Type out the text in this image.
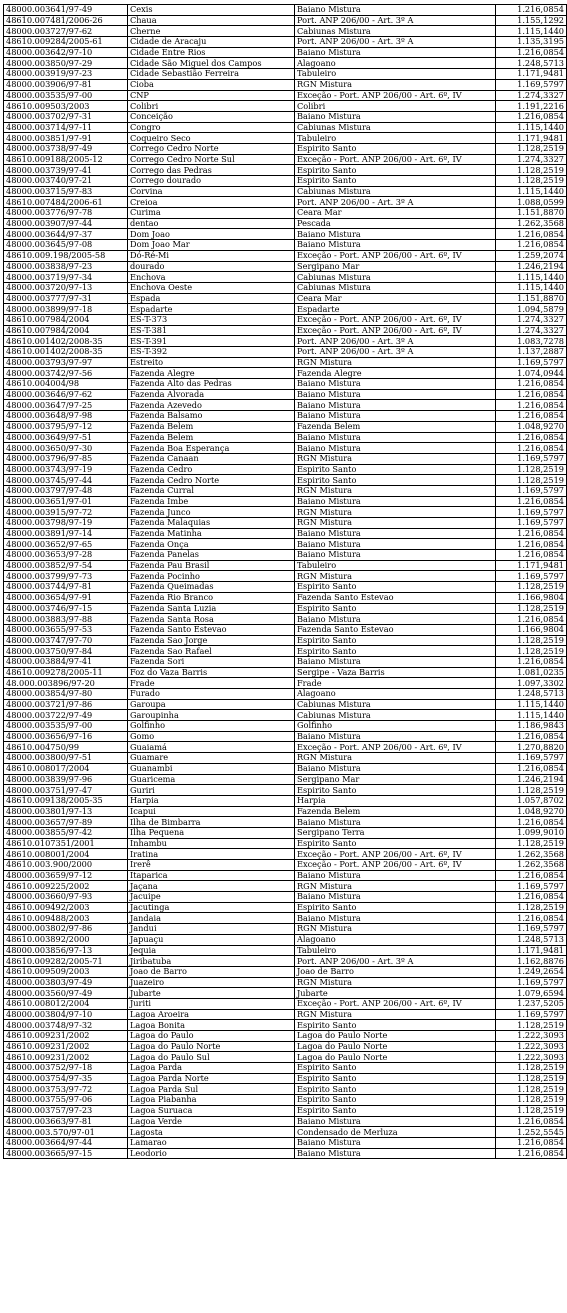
48000.003641/97-49	Cexis	Baiano Mistura	1.216,0854
48610.007481/2006-26	Chaua	Port. ANP 206/00 - Art. 3º A	1.155,1292
48000.003727/97-62	Cherne	Cabiunas Mistura	1.115,1440
48610.009284/2005-61	Cidade de Aracaju	Port. ANP 206/00 - Art. 3º A	1.135,3195
48000.003642/97-10	Cidade Entre Rios	Baiano Mistura	1.216,0854
48000.003850/97-29	Cidade São Miguel dos Campos	Alagoano	1.248,5713
48000.003919/97-23	Cidade Sebastião Ferreira	Tabuleiro	1.171,9481
48000.003906/97-81	Cioba	RGN Mistura	1.169,5797
48000.003535/97-00	CNP	Exceção - Port. ANP 206/00 - Art. 6º, IV	1.274,3327
48610.009503/2003	Colibri	Colibri	1.191,2216
48000.003702/97-31	Conceição	Baiano Mistura	1.216,0854
48000.003714/97-11	Congro	Cabiunas Mistura	1.115,1440
48000.003851/97-91	Coqueiro Seco	Tabuleiro	1.171,9481
48000.003738/97-49	Corrego Cedro Norte	Espirito Santo	1.128,2519
48610.009188/2005-12	Corrego Cedro Norte Sul	Exceção - Port. ANP 206/00 - Art. 6º, IV	1.274,3327
48000.003739/97-41	Corrego das Pedras	Espirito Santo	1.128,2519
48000.003740/97-21	Corrego dourado	Espirito Santo	1.128,2519
48000.003715/97-83	Corvina	Cabiunas Mistura	1.115,1440
48610.007484/2006-61	Creioa	Port. ANP 206/00 - Art. 3º A	1.088,0599
48000.003776/97-78	Curima	Ceara Mar	1.151,8870
48000.003907/97-44	dentao	Pescada	1.262,3568
48000.003644/97-37	Dom Joao	Baiano Mistura	1.216,0854
48000.003645/97-08	Dom Joao Mar	Baiano Mistura	1.216,0854
48610.009.198/2005-58	Dó-Ré-Mi	Exceção - Port. ANP 206/00 - Art. 6º, IV	1.259,2074
48000.003838/97-23	dourado	Sergipano Mar	1.246,2194
48000.003719/97-34	Enchova	Cabiunas Mistura	1.115,1440
48000.003720/97-13	Enchova Oeste	Cabiunas Mistura	1.115,1440
48000.003777/97-31	Espada	Ceara Mar	1.151,8870
48000.003899/97-18	Espadarte	Espadarte	1.094,5879
48610.007984/2004	ES-T-373	Exceção - Port. ANP 206/00 - Art. 6º, IV	1.274,3327
48610.007984/2004	ES-T-381	Exceção - Port. ANP 206/00 - Art. 6º, IV	1.274,3327
48610.001402/2008-35	ES-T-391	Port. ANP 206/00 - Art. 3º A	1.083,7278
48610.001402/2008-35	ES-T-392	Port. ANP 206/00 - Art. 3º A	1.137,2887
48000.003793/97-97	Estreito	RGN Mistura	1.169,5797
48000.003742/97-56	Fazenda Alegre	Fazenda Alegre	1.074,0944
48610.004004/98	Fazenda Alto das Pedras	Baiano Mistura	1.216,0854
48000.003646/97-62	Fazenda Alvorada	Baiano Mistura	1.216,0854
48000.003647/97-25	Fazenda Azevedo	Baiano Mistura	1.216,0854
48000.003648/97-98	Fazenda Balsamo	Baiano Mistura	1.216,0854
48000.003795/97-12	Fazenda Belem	Fazenda Belem	1.048,9270
48000.003649/97-51	Fazenda Belem	Baiano Mistura	1.216,0854
48000.003650/97-30	Fazenda Boa Esperança	Baiano Mistura	1.216,0854
48000.003796/97-85	Fazenda Canaan	RGN Mistura	1.169,5797
48000.003743/97-19	Fazenda Cedro	Espirito Santo	1.128,2519
48000.003745/97-44	Fazenda Cedro Norte	Espirito Santo	1.128,2519
48000.003797/97-48	Fazenda Curral	RGN Mistura	1.169,5797
48000.003651/97-01	Fazenda Imbe	Baiano Mistura	1.216,0854
48000.003915/97-72	Fazenda Junco	RGN Mistura	1.169,5797
48000.003798/97-19	Fazenda Malaquias	RGN Mistura	1.169,5797
48000.003891/97-14	Fazenda Matinha	Baiano Mistura	1.216,0854
48000.003652/97-65	Fazenda Onça	Baiano Mistura	1.216,0854
48000.003653/97-28	Fazenda Panelas	Baiano Mistura	1.216,0854
48000.003852/97-54	Fazenda Pau Brasil	Tabuleiro	1.171,9481
48000.003799/97-73	Fazenda Pocinho	RGN Mistura	1.169,5797
48000.003744/97-81	Fazenda Queimadas	Espirito Santo	1.128,2519
48000.003654/97-91	Fazenda Rio Branco	Fazenda Santo Estevao	1.166,9804
48000.003746/97-15	Fazenda Santa Luzia	Espirito Santo	1.128,2519
48000.003883/97-88	Fazenda Santa Rosa	Baiano Mistura	1.216,0854
48000.003655/97-53	Fazenda Santo Estevao	Fazenda Santo Estevao	1.166,9804
48000.003747/97-70	Fazenda Sao Jorge	Espirito Santo	1.128,2519
48000.003750/97-84	Fazenda Sao Rafael	Espirito Santo	1.128,2519
48000.003884/97-41	Fazenda Sori	Baiano Mistura	1.216,0854
48610.009278/2005-11	Foz do Vaza Barris	Sergipe - Vaza Barris	1.081,0235
48.000.003896/97-20	Frade	Frade	1.097,3302
48000.003854/97-80	Furado	Alagoano	1.248,5713
48000.003721/97-86	Garoupa	Cabiunas Mistura	1.115,1440
48000.003722/97-49	Garoupinha	Cabiunas Mistura	1.115,1440
48000.003535/97-00	Golfinho	Golfinho	1.186,9843
48000.003656/97-16	Gomo	Baiano Mistura	1.216,0854
48610.004750/99	Guaiamá	Exceção - Port. ANP 206/00 - Art. 6º, IV	1.270,8820
48000.003800/97-51	Guamare	RGN Mistura	1.169,5797
48610.008017/2004	Guanambi	Baiano Mistura	1.216,0854
48000.003839/97-96	Guaricema	Sergipano Mar	1.246,2194
48000.003751/97-47	Guriri	Espirito Santo	1.128,2519
48610.009138/2005-35	Harpia	Harpia	1.057,8702
48000.003801/97-13	Icapui	Fazenda Belem	1.048,9270
48000.003657/97-89	Ilha de Bimbarra	Baiano Mistura	1.216,0854
48000.003855/97-42	Ilha Pequena	Sergipano Terra	1.099,9010
48610.0107351/2001	Inhambu	Espirito Santo	1.128,2519
48610.008001/2004	Iratina	Exceção - Port. ANP 206/00 - Art. 6º, IV	1.262,3568
48610.003.900/2000	Irerê	Exceção - Port. ANP 206/00 - Art. 6º, IV	1.262,3568
48000.003659/97-12	Itaparica	Baiano Mistura	1.216,0854
48610.009225/2002	Jaçana	RGN Mistura	1.169,5797
48000.003660/97-93	Jacuipe	Baiano Mistura	1.216,0854
48610.009492/2003	Jacutinga	Espirito Santo	1.128,2519
48610.009488/2003	Jandaia	Baiano Mistura	1.216,0854
48000.003802/97-86	Jandui	RGN Mistura	1.169,5797
48610.003892/2000	Japuaçu	Alagoano	1.248,5713
48000.003856/97-13	Jequia	Tabuleiro	1.171,9481
48610.009282/2005-71	Jiribatuba	Port. ANP 206/00 - Art. 3º A	1.162,8876
48610.009509/2003	Joao de Barro	Joao de Barro	1.249,2654
48000.003803/97-49	Juazeiro	RGN Mistura	1.169,5797
48000.003560/97-49	Jubarte	Jubarte	1.079,6594
48610.008012/2004	Juriti	Exceção - Port. ANP 206/00 - Art. 6º, IV	1.237,5205
48000.003804/97-10	Lagoa Aroeira	RGN Mistura	1.169,5797
48000.003748/97-32	Lagoa Bonita	Espirito Santo	1.128,2519
48610.009231/2002	Lagoa do Paulo	Lagoa do Paulo Norte	1.222,3093
48610.009231/2002	Lagoa do Paulo Norte	Lagoa do Paulo Norte	1.222,3093
48610.009231/2002	Lagoa do Paulo Sul	Lagoa do Paulo Norte	1.222,3093
48000.003752/97-18	Lagoa Parda	Espirito Santo	1.128,2519
48000.003754/97-35	Lagoa Parda Norte	Espirito Santo	1.128,2519
48000.003753/97-72	Lagoa Parda Sul	Espirito Santo	1.128,2519
48000.003755/97-06	Lagoa Piabanha	Espirito Santo	1.128,2519
48000.003757/97-23	Lagoa Suruaca	Espirito Santo	1.128,2519
48000.003663/97-81	Lagoa Verde	Baiano Mistura	1.216,0854
48000.003.570/97-01	Lagosta	Condensado de Merluza	1.252,5545
48000.003664/97-44	Lamarao	Baiano Mistura	1.216,0854
48000.003665/97-15	Leodorio	Baiano Mistura	1.216,0854
